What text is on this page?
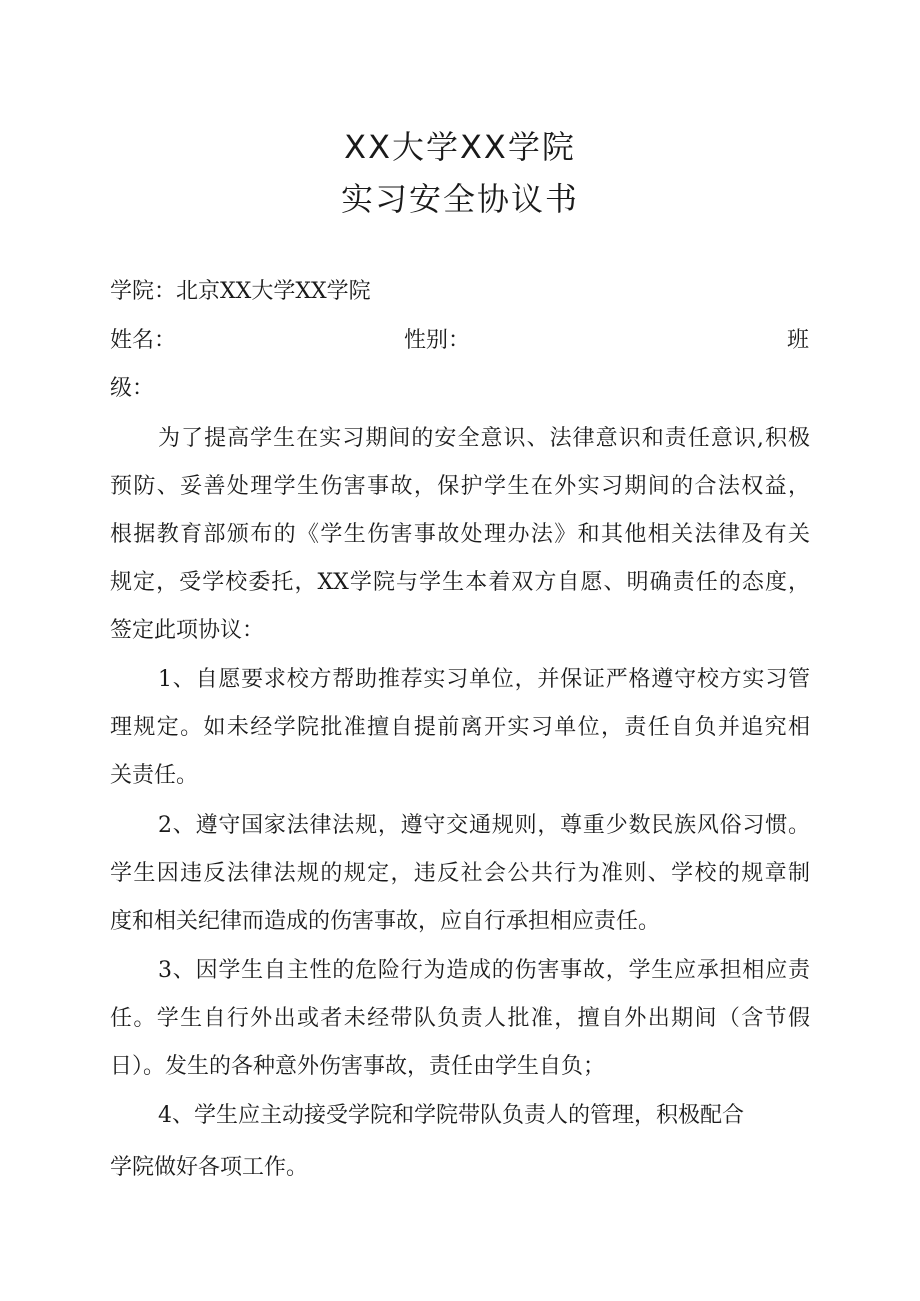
XX大学XX学院
实习安全协议书
学院：北京XX大学XX学院
姓名：	性别：	班
级：
为了提高学生在实习期间的安全意识、法律意识和责任意识,积极
预防、妥善处理学生伤害事故，保护学生在外实习期间的合法权益，
根据教育部颁布的《学生伤害事故处理办法》和其他相关法律及有关
规定，受学校委托，XX学院与学生本着双方自愿、明确责任的态度，
签定此项协议：
1、自愿要求校方帮助推荐实习单位，并保证严格遵守校方实习管
理规定。如未经学院批准擅自提前离开实习单位，责任自负并追究相
关责任。
2、遵守国家法律法规，遵守交通规则，尊重少数民族风俗习惯。
学生因违反法律法规的规定，违反社会公共行为准则、学校的规章制
度和相关纪律而造成的伤害事故，应自行承担相应责任。
3、因学生自主性的危险行为造成的伤害事故，学生应承担相应责
任。学生自行外出或者未经带队负责人批准，擅自外出期间（含节假
日）。发生的各种意外伤害事故，责任由学生自负；
4、学生应主动接受学院和学院带队负责人的管理，积极配合
学院做好各项工作。
